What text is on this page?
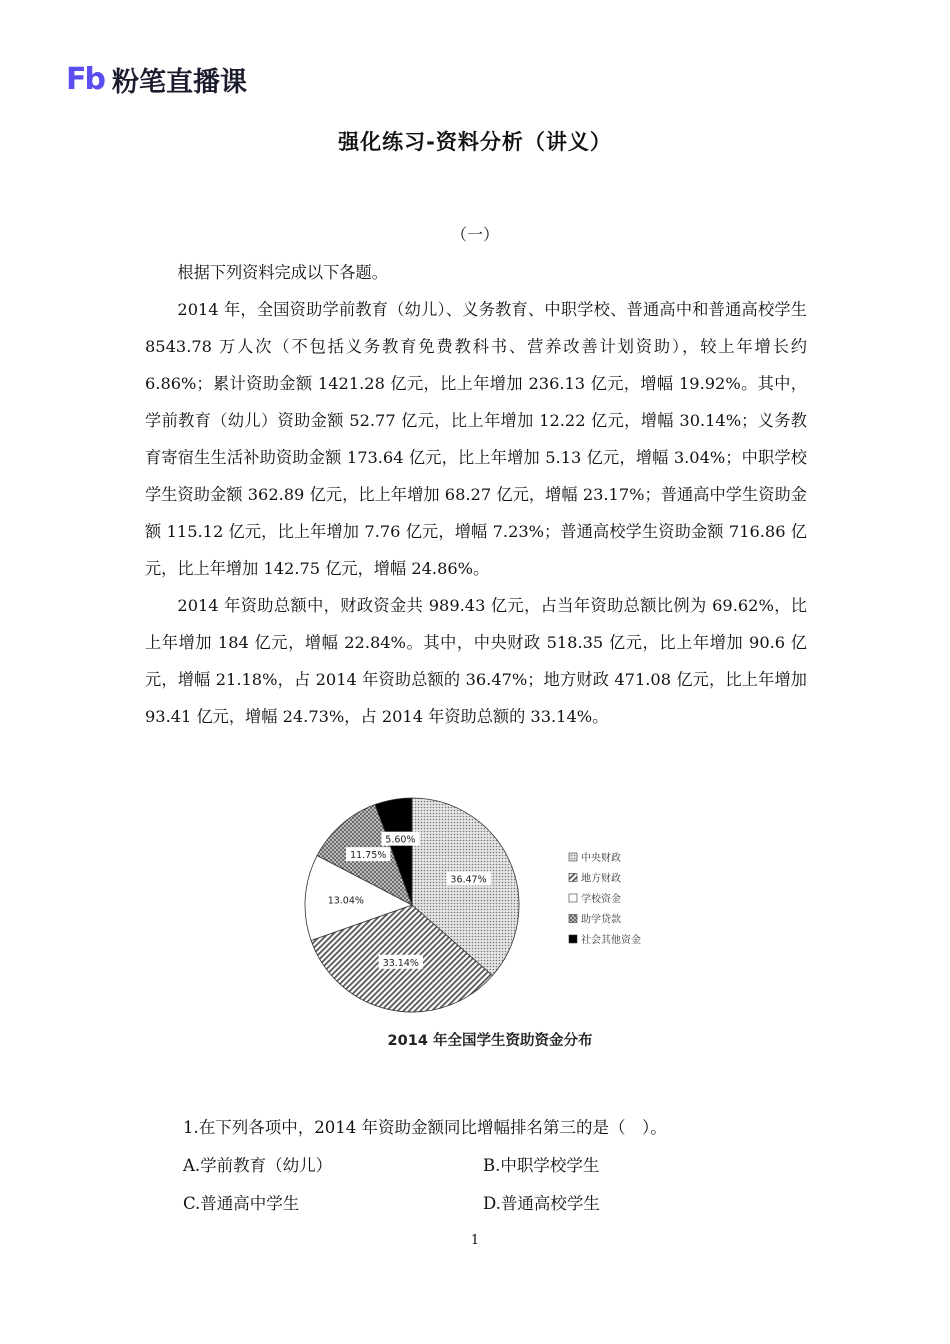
Fb 粉笔直播课
强化练习-资料分析（讲义）
（一）

根据下列资料完成以下各题。

2014 年，全国资助学前教育（幼儿）、义务教育、中职学校、普通高中和普通高校学生 8543.78 万人次（不包括义务教育免费教科书、营养改善计划资助），较上年增长约 6.86%；累计资助金额 1421.28 亿元，比上年增加 236.13 亿元，增幅 19.92%。其中，学前教育（幼儿）资助金额 52.77 亿元，比上年增加 12.22 亿元，增幅 30.14%；义务教育寄宿生生活补助资助金额 173.64 亿元，比上年增加 5.13 亿元，增幅 3.04%；中职学校学生资助金额 362.89 亿元，比上年增加 68.27 亿元，增幅 23.17%；普通高中学生资助金额 115.12 亿元，比上年增加 7.76 亿元，增幅 7.23%；普通高校学生资助金额 716.86 亿元，比上年增加 142.75 亿元，增幅 24.86%。

2014 年资助总额中，财政资金共 989.43 亿元，占当年资助总额比例为 69.62%，比上年增加 184 亿元，增幅 22.84%。其中，中央财政 518.35 亿元，比上年增加 90.6 亿元，增幅 21.18%，占 2014 年资助总额的 36.47%；地方财政 471.08 亿元，比上年增加 93.41 亿元，增幅 24.73%，占 2014 年资助总额的 33.14%。

36.47%
33.14%
13.04%
11.75%
5.60%
中央财政
地方财政
学校资金
助学贷款
社会其他资金
2014 年全国学生资助资金分布
1.在下列各项中，2014 年资助金额同比增幅排名第三的是（　）。
A.学前教育（幼儿）	B.中职学校学生
C.普通高中学生	D.普通高校学生
1
